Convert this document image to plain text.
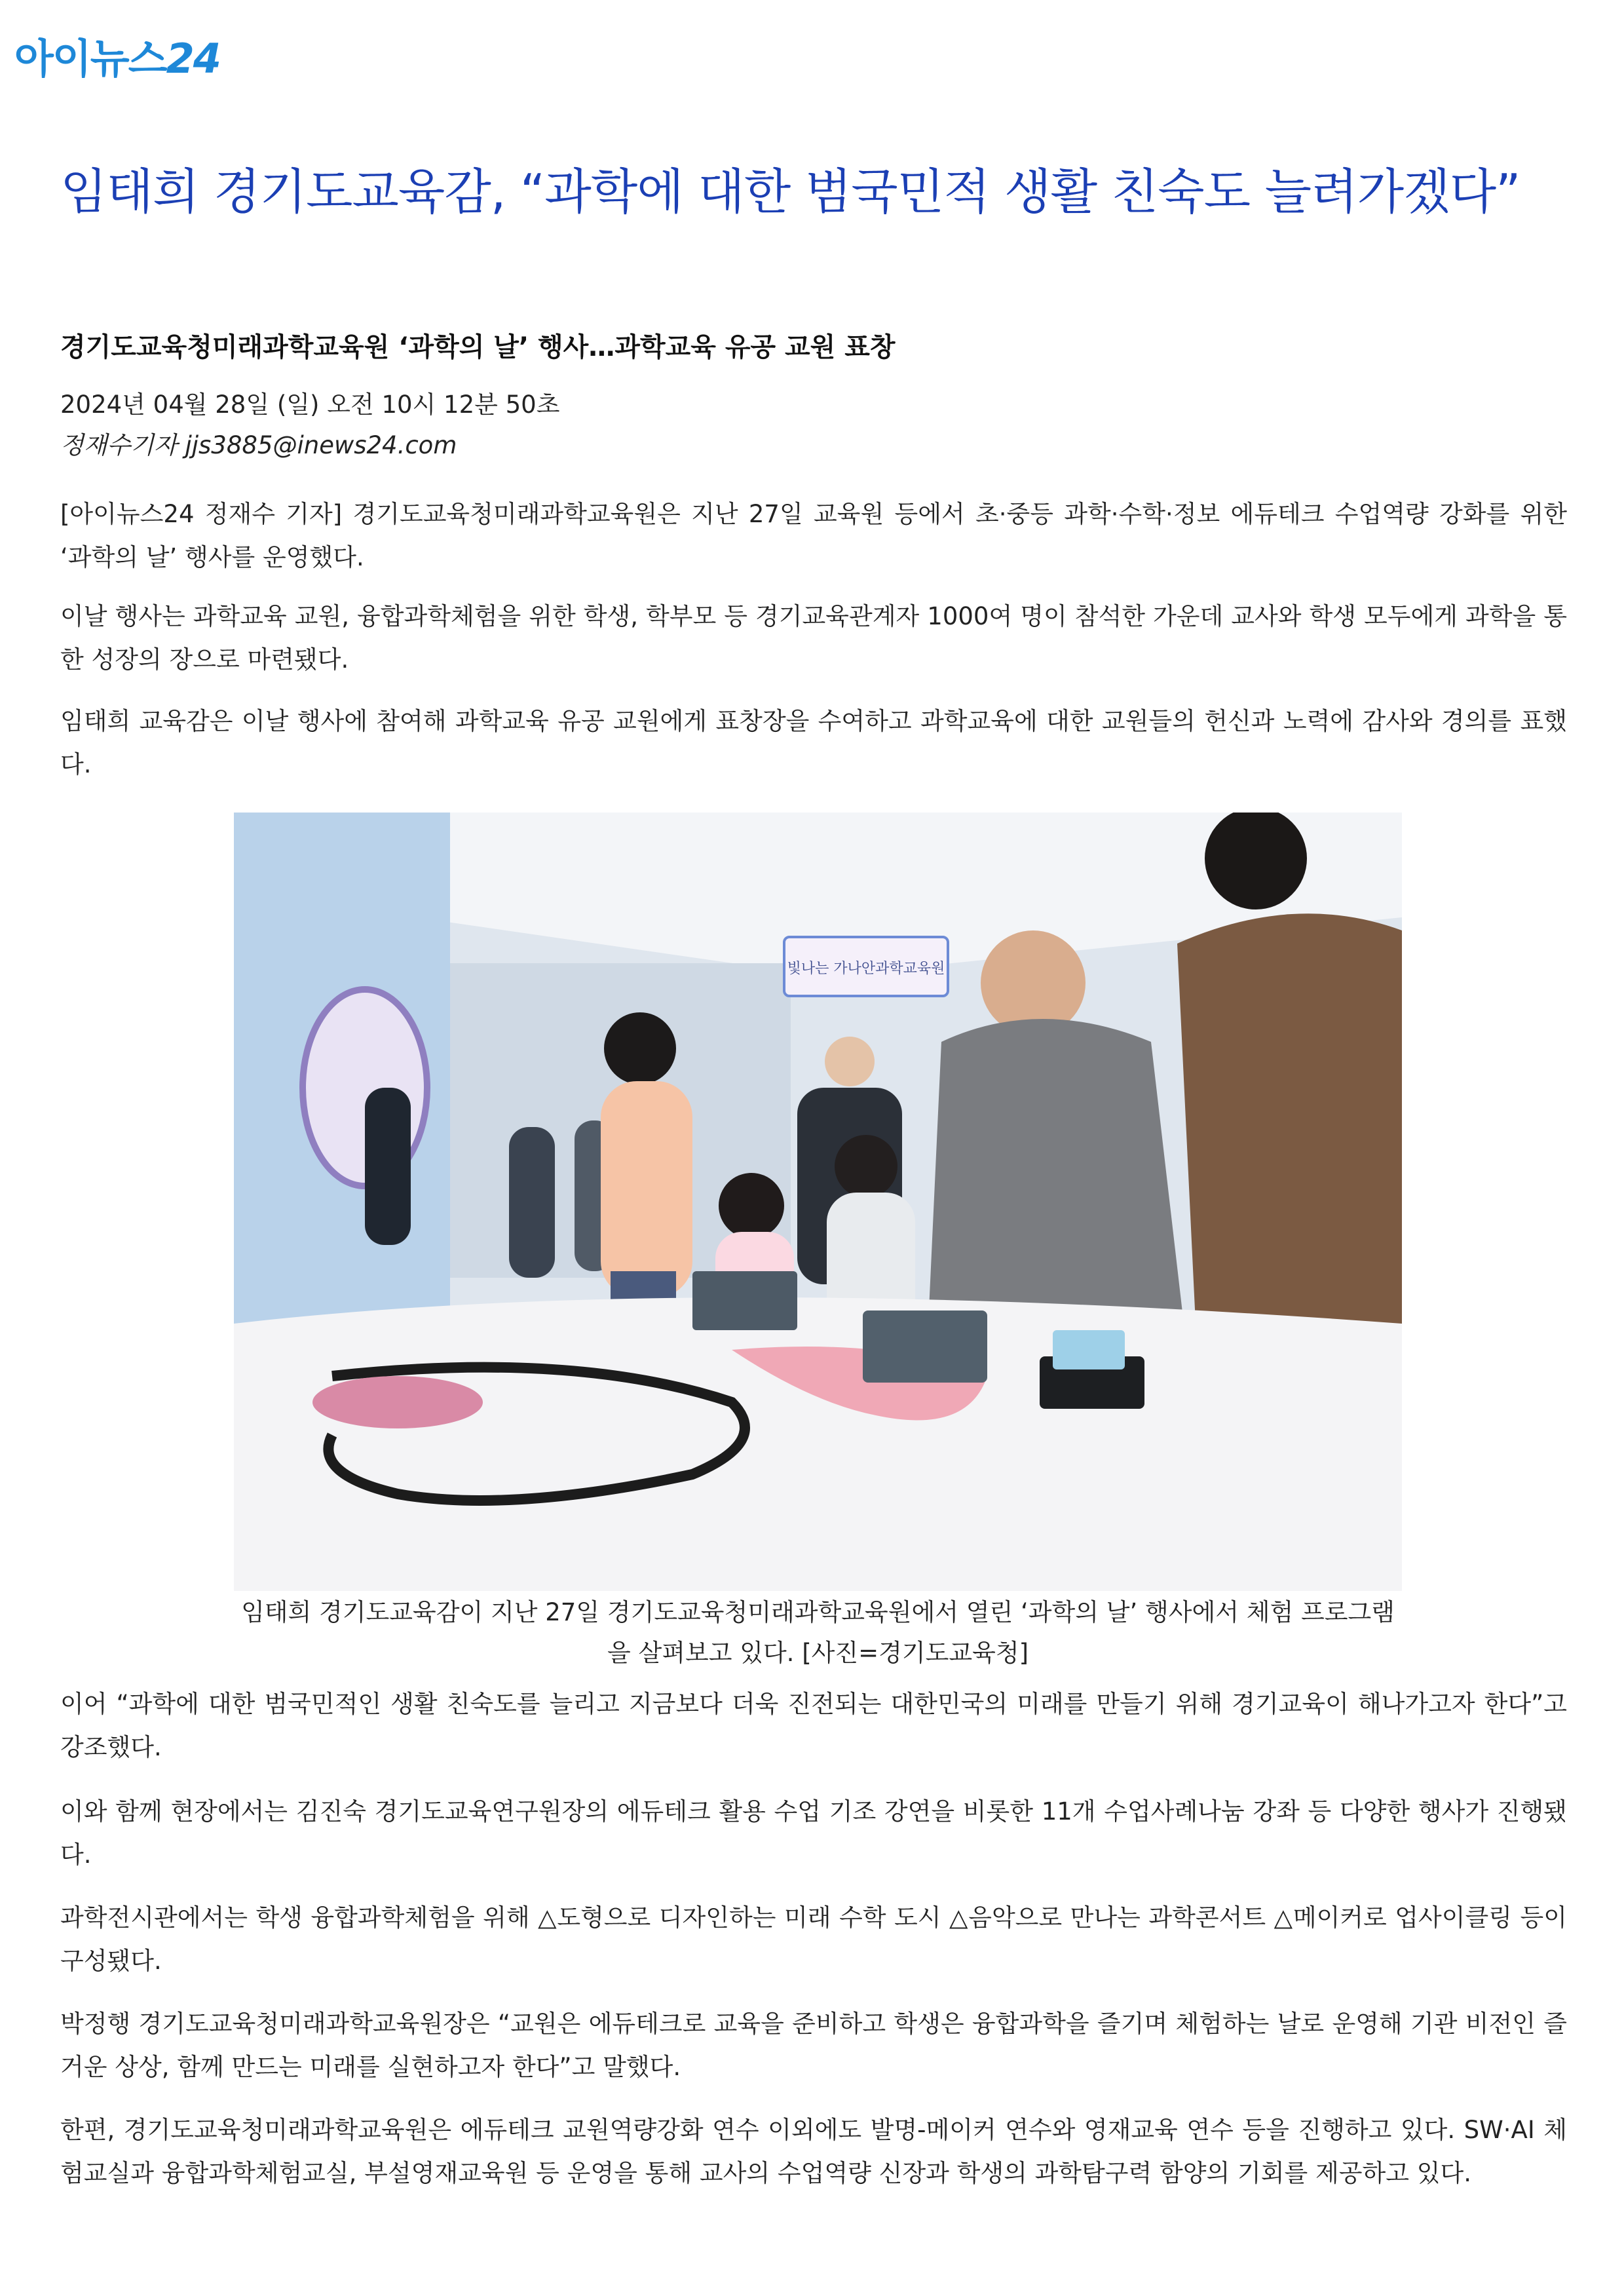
아이뉴스24
임태희 경기도교육감, “과학에 대한 범국민적 생활 친숙도 늘려가겠다”
경기도교육청미래과학교육원 ‘과학의 날’ 행사…과학교육 유공 교원 표창
2024년 04월 28일 (일) 오전 10시 12분 50초
정재수기자 jjs3885@inews24.com

[아이뉴스24 정재수 기자] 경기도교육청미래과학교육원은 지난 27일 교육원 등에서 초·중등 과학·수학·정보 에듀테크 수업역량 강화를 위한 ‘과학의 날’ 행사를 운영했다.

이날 행사는 과학교육 교원, 융합과학체험을 위한 학생, 학부모 등 경기교육관계자 1000여 명이 참석한 가운데 교사와 학생 모두에게 과학을 통한 성장의 장으로 마련됐다.

임태희 교육감은 이날 행사에 참여해 과학교육 유공 교원에게 표창장을 수여하고 과학교육에 대한 교원들의 헌신과 노력에 감사와 경의를 표했다.

빛나는 가나안과학교육원
임태희 경기도교육감이 지난 27일 경기도교육청미래과학교육원에서 열린 ‘과학의 날’ 행사에서 체험 프로그램을 살펴보고 있다. [사진=경기도교육청]

이어 “과학에 대한 범국민적인 생활 친숙도를 늘리고 지금보다 더욱 진전되는 대한민국의 미래를 만들기 위해 경기교육이 해나가고자 한다”고 강조했다.

이와 함께 현장에서는 김진숙 경기도교육연구원장의 에듀테크 활용 수업 기조 강연을 비롯한 11개 수업사례나눔 강좌 등 다양한 행사가 진행됐다.

과학전시관에서는 학생 융합과학체험을 위해 △도형으로 디자인하는 미래 수학 도시 △음악으로 만나는 과학콘서트 △메이커로 업사이클링 등이 구성됐다.

박정행 경기도교육청미래과학교육원장은 “교원은 에듀테크로 교육을 준비하고 학생은 융합과학을 즐기며 체험하는 날로 운영해 기관 비전인 즐거운 상상, 함께 만드는 미래를 실현하고자 한다”고 말했다.

한편, 경기도교육청미래과학교육원은 에듀테크 교원역량강화 연수 이외에도 발명-메이커 연수와 영재교육 연수 등을 진행하고 있다. SW·AI 체험교실과 융합과학체험교실, 부설영재교육원 등 운영을 통해 교사의 수업역량 신장과 학생의 과학탐구력 함양의 기회를 제공하고 있다.
